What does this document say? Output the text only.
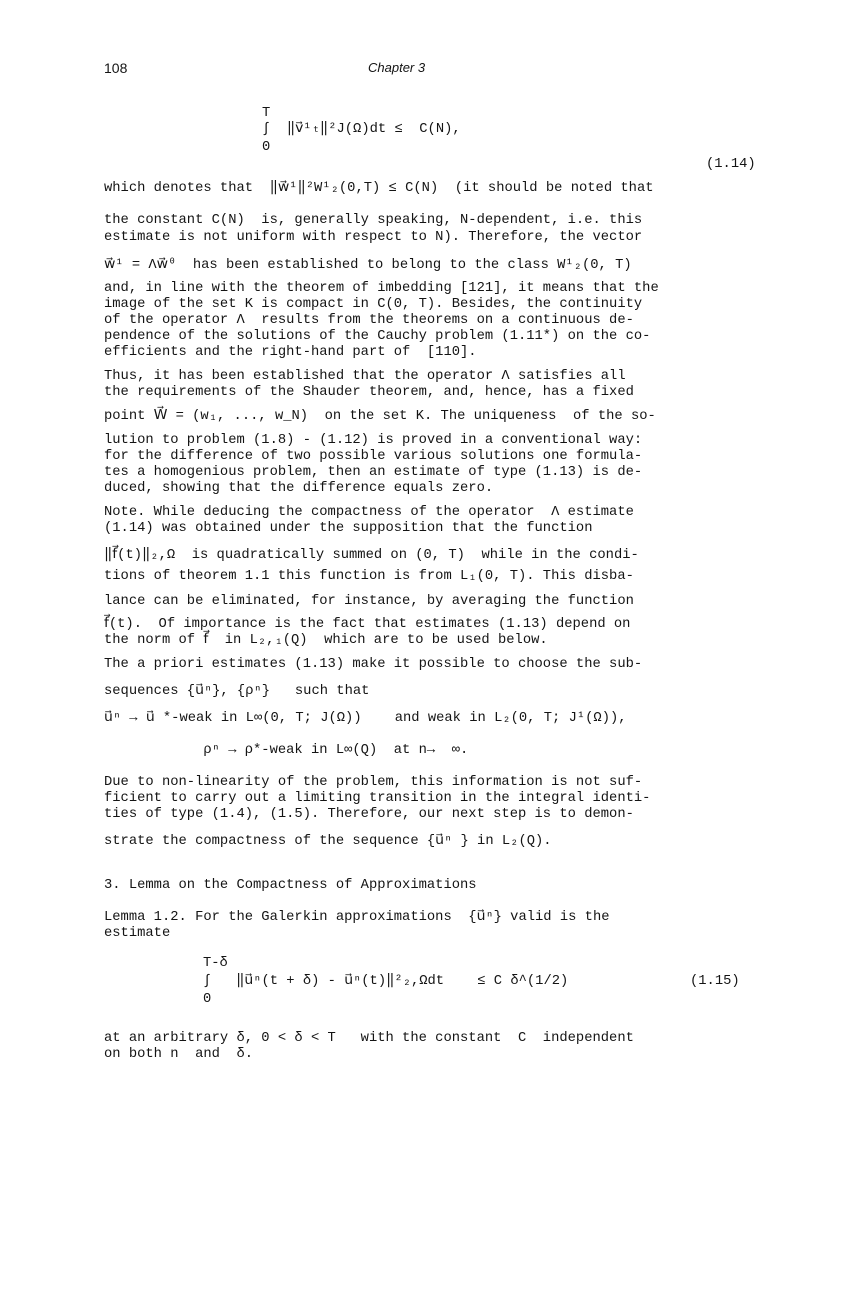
108	Chapter 3
T
∫  ‖v⃗¹ₜ‖²J(Ω)dt ≤  C(N),
0
(1.14)
which denotes that  ‖w⃗¹‖²W¹₂(0,T) ≤ C(N)  (it should be noted that
the constant C(N)  is, generally speaking, N-dependent, i.e. this
estimate is not uniform with respect to N). Therefore, the vector
w⃗¹ = Λw⃗⁰  has been established to belong to the class W¹₂(0, T)
and, in line with the theorem of imbedding [121], it means that the
image of the set K is compact in C(0, T). Besides, the continuity
of the operator Λ  results from the theorems on a continuous de-
pendence of the solutions of the Cauchy problem (1.11*) on the co-
efficients and the right-hand part of  [110].
Thus, it has been established that the operator Λ satisfies all
the requirements of the Shauder theorem, and, hence, has a fixed
point W⃗ = (w₁, ..., w_N)  on the set K. The uniqueness  of the so-
lution to problem (1.8) - (1.12) is proved in a conventional way:
for the difference of two possible various solutions one formula-
tes a homogenious problem, then an estimate of type (1.13) is de-
duced, showing that the difference equals zero.
Note. While deducing the compactness of the operator  Λ estimate
(1.14) was obtained under the supposition that the function
‖f⃗(t)‖₂,Ω  is quadratically summed on (0, T)  while in the condi-
tions of theorem 1.1 this function is from L₁(0, T). This disba-
lance can be eliminated, for instance, by averaging the function
f⃗(t).  Of importance is the fact that estimates (1.13) depend on
the norm of f⃗  in L₂,₁(Q)  which are to be used below.
The a priori estimates (1.13) make it possible to choose the sub-
sequences {u⃗ⁿ}, {ρⁿ}   such that
u⃗ⁿ → u⃗ *-weak in L∞(0, T; J(Ω))    and weak in L₂(0, T; J¹(Ω)),
ρⁿ → ρ*-weak in L∞(Q)  at n→  ∞.
Due to non-linearity of the problem, this information is not suf-
ficient to carry out a limiting transition in the integral identi-
ties of type (1.4), (1.5). Therefore, our next step is to demon-
strate the compactness of the sequence {u⃗ⁿ } in L₂(Q).
3. Lemma on the Compactness of Approximations
Lemma 1.2. For the Galerkin approximations  {u⃗ⁿ} valid is the
estimate
T-δ
∫   ‖u⃗ⁿ(t + δ) - u⃗ⁿ(t)‖²₂,Ωdt    ≤ C δ^(1/2)
0
(1.15)
at an arbitrary δ, 0 < δ < T   with the constant  C  independent
on both n  and  δ.
